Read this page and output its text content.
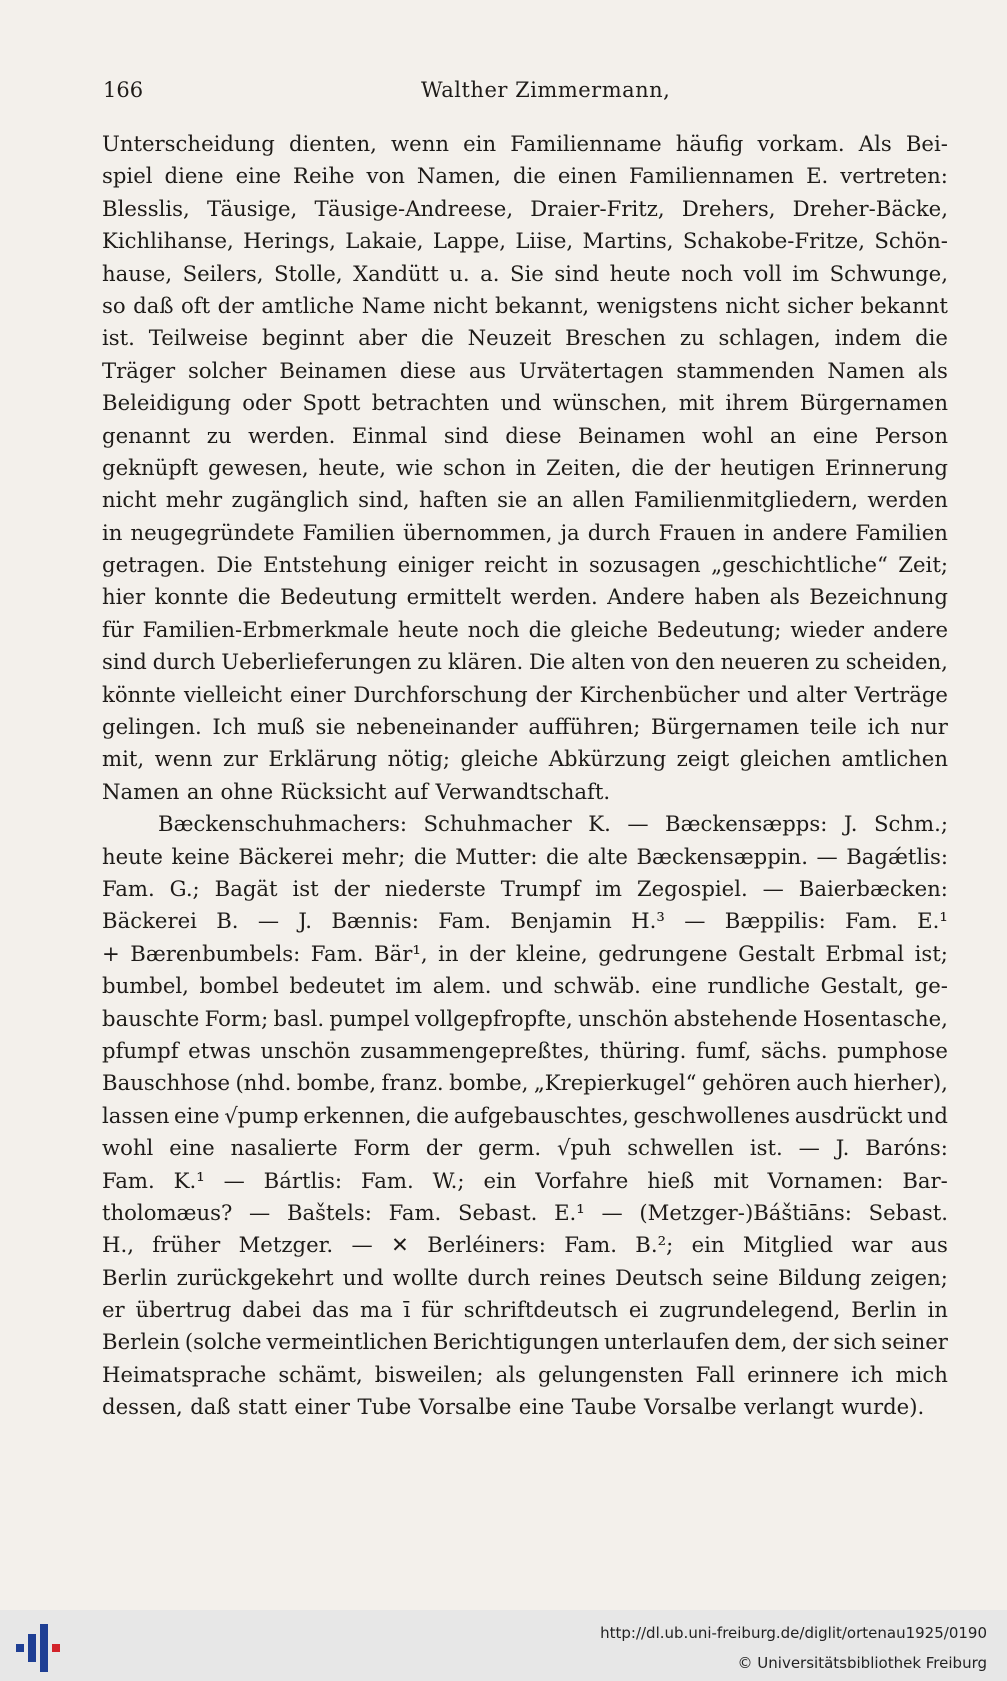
166	Walther Zimmermann,
Unterscheidung dienten, wenn ein Familienname häufig vorkam. Als Bei-
spiel diene eine Reihe von Namen, die einen Familiennamen E. vertreten:
Blesslis, Täusige, Täusige-Andreese, Draier-Fritz, Drehers, Dreher-Bäcke,
Kichlihanse, Herings, Lakaie, Lappe, Liise, Martins, Schakobe-Fritze, Schön-
hause, Seilers, Stolle, Xandütt u. a. Sie sind heute noch voll im Schwunge,
so daß oft der amtliche Name nicht bekannt, wenigstens nicht sicher bekannt
ist. Teilweise beginnt aber die Neuzeit Breschen zu schlagen, indem die
Träger solcher Beinamen diese aus Urvätertagen stammenden Namen als
Beleidigung oder Spott betrachten und wünschen, mit ihrem Bürgernamen
genannt zu werden. Einmal sind diese Beinamen wohl an eine Person
geknüpft gewesen, heute, wie schon in Zeiten, die der heutigen Erinnerung
nicht mehr zugänglich sind, haften sie an allen Familienmitgliedern, werden
in neugegründete Familien übernommen, ja durch Frauen in andere Familien
getragen. Die Entstehung einiger reicht in sozusagen „geschichtliche“ Zeit;
hier konnte die Bedeutung ermittelt werden. Andere haben als Bezeichnung
für Familien-Erbmerkmale heute noch die gleiche Bedeutung; wieder andere
sind durch Ueberlieferungen zu klären. Die alten von den neueren zu scheiden,
könnte vielleicht einer Durchforschung der Kirchenbücher und alter Verträge
gelingen. Ich muß sie nebeneinander aufführen; Bürgernamen teile ich nur
mit, wenn zur Erklärung nötig; gleiche Abkürzung zeigt gleichen amtlichen
Namen an ohne Rücksicht auf Verwandtschaft.
Bæckenschuhmachers: Schuhmacher K. — Bæckensæpps: J. Schm.;
heute keine Bäckerei mehr; die Mutter: die alte Bæckensæppin. — Bagǽtlis:
Fam. G.; Bagät ist der niederste Trumpf im Zegospiel. — Baierbæcken:
Bäckerei B. — J. Bænnis: Fam. Benjamin H.³ — Bæppilis: Fam. E.¹
+ Bærenbumbels: Fam. Bär¹, in der kleine, gedrungene Gestalt Erbmal ist;
bumbel, bombel bedeutet im alem. und schwäb. eine rundliche Gestalt, ge-
bauschte Form; basl. pumpel vollgepfropfte, unschön abstehende Hosentasche,
pfumpf etwas unschön zusammengepreßtes, thüring. fumf, sächs. pumphose
Bauschhose (nhd. bombe, franz. bombe, „Krepierkugel“ gehören auch hierher),
lassen eine √pump erkennen, die aufgebauschtes, geschwollenes ausdrückt und
wohl eine nasalierte Form der germ. √puh schwellen ist. — J. Baróns:
Fam. K.¹ — Bártlis: Fam. W.; ein Vorfahre hieß mit Vornamen: Bar-
tholomæus? — Baštels: Fam. Sebast. E.¹ — (Metzger-)Báštiāns: Sebast.
H., früher Metzger. — ✕ Berléiners: Fam. B.²; ein Mitglied war aus
Berlin zurückgekehrt und wollte durch reines Deutsch seine Bildung zeigen;
er übertrug dabei das ma ī für schriftdeutsch ei zugrundelegend, Berlin in
Berlein (solche vermeintlichen Berichtigungen unterlaufen dem, der sich seiner
Heimatsprache schämt, bisweilen; als gelungensten Fall erinnere ich mich
dessen, daß statt einer Tube Vorsalbe eine Taube Vorsalbe verlangt wurde).
http://dl.ub.uni-freiburg.de/diglit/ortenau1925/0190
© Universitätsbibliothek Freiburg
